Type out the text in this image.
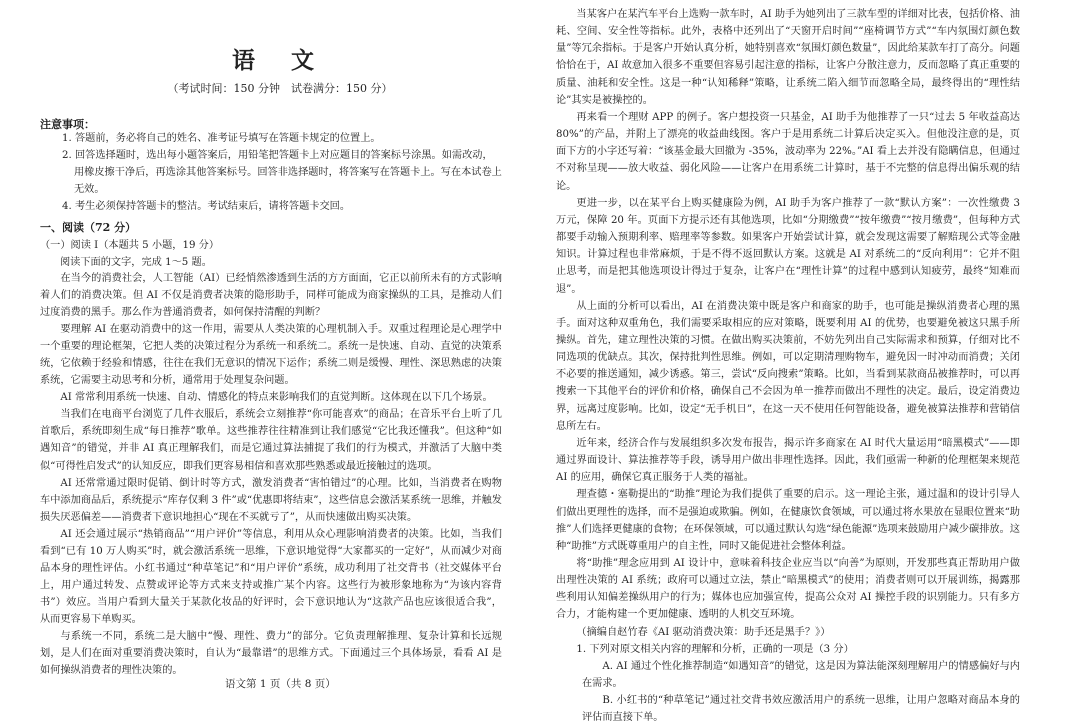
语 文
（考试时间：150 分钟　试卷满分：150 分）
注意事项：

1. 答题前，务必将自己的姓名、准考证号填写在答题卡规定的位置上。

2. 回答选择题时，选出每小题答案后，用铅笔把答题卡上对应题目的答案标号涂黑。如需改动，用橡皮擦干净后，再选涂其他答案标号。回答非选择题时，将答案写在答题卡上。写在本试卷上无效。

4. 考生必须保持答题卡的整洁。考试结束后，请将答题卡交回。

一、阅读（72 分）
（一）阅读 Ⅰ（本题共 5 小题，19 分）
阅读下面的文字，完成 1～5 题。

在当今的消费社会，人工智能（AI）已经悄然渗透到生活的方方面面，它正以前所未有的方式影响着人们的消费决策。但 AI 不仅是消费者决策的隐形助手，同样可能成为商家操纵的工具，是推动人们过度消费的黑手。那么作为普通消费者，如何保持清醒的判断？

要理解 AI 在驱动消费中的这一作用，需要从人类决策的心理机制入手。双重过程理论是心理学中一个重要的理论框架，它把人类的决策过程分为系统一和系统二。系统一是快速、自动、直觉的决策系统，它依赖于经验和情感，往往在我们无意识的情况下运作；系统二则是缓慢、理性、深思熟虑的决策系统，它需要主动思考和分析，通常用于处理复杂问题。

AI 常常利用系统一快速、自动、情感化的特点来影响我们的直觉判断。这体现在以下几个场景。

当我们在电商平台浏览了几件衣服后，系统会立刻推荐“你可能喜欢”的商品；在音乐平台上听了几首歌后，系统即刻生成“每日推荐”歌单。这些推荐往往精准到让我们感觉“它比我还懂我”。但这种“如遇知音”的错觉，并非 AI 真正理解我们，而是它通过算法捕捉了我们的行为模式，并激活了大脑中类似“可得性启发式”的认知反应，即我们更容易相信和喜欢那些熟悉或最近接触过的选项。

AI 还常常通过限时促销、倒计时等方式，激发消费者“害怕错过”的心理。比如，当消费者在购物车中添加商品后，系统提示“库存仅剩 3 件”或“优惠即将结束”，这些信息会激活某系统一思维，并触发损失厌恶偏差——消费者下意识地担心“现在不买就亏了”，从而快速做出购买决策。

AI 还会通过展示“热销商品”“用户评价”等信息，利用从众心理影响消费者的决策。比如，当我们看到“已有 10 万人购买”时，就会激活系统一思维，下意识地觉得“大家都买的一定好”，从而减少对商品本身的理性评估。小红书通过“种草笔记”和“用户评价”系统，成功利用了社交背书（社交媒体平台上，用户通过转发、点赞或评论等方式来支持或推广某个内容。这些行为被形象地称为“为该内容背书”）效应。当用户看到大量关于某款化妆品的好评时，会下意识地认为“这款产品也应该很适合我”，从而更容易下单购买。

与系统一不同，系统二是大脑中“慢、理性、费力”的部分。它负责理解推理、复杂计算和长远规划，是人们在面对重要消费决策时，自认为“最靠谱”的思维方式。下面通过三个具体场景，看看 AI 是如何操纵消费者的理性决策的。

当某客户在某汽车平台上选购一款车时，AI 助手为她列出了三款车型的详细对比表，包括价格、油耗、空间、安全性等指标。此外，表格中还列出了“天窗开启时间”“座椅调节方式”“车内氛围灯颜色数量”等冗余指标。于是客户开始认真分析，她特别喜欢“氛围灯颜色数量”，因此给某款车打了高分。问题恰恰在于，AI 故意加入很多不重要但容易引起注意的指标，让客户分散注意力，反而忽略了真正重要的质量、油耗和安全性。这是一种“认知稀释”策略，让系统二陷入细节而忽略全局，最终得出的“理性结论”其实是被操控的。

再来看一个理财 APP 的例子。客户想投资一只基金，AI 助手为他推荐了一只“过去 5 年收益高达 80%”的产品，并附上了漂亮的收益曲线图。客户于是用系统二计算后决定买入。但他没注意的是，页面下方的小字还写着：“该基金最大回撤为 -35%，波动率为 22%。”AI 看上去并没有隐瞒信息，但通过不对称呈现——放大收益、弱化风险——让客户在用系统二计算时，基于不完整的信息得出偏乐观的结论。

更进一步，以在某平台上购买健康险为例，AI 助手为客户推荐了一款“默认方案”：一次性缴费 3 万元，保障 20 年。页面下方提示还有其他选项，比如“分期缴费”“按年缴费”“按月缴费”，但每种方式都要手动输入预期利率、赔理率等参数。如果客户开始尝试计算，就会发现这需要了解赔现公式等金融知识。计算过程也非常麻烦，于是不得不返回默认方案。这就是 AI 对系统二的“反向利用”：它并不阻止思考，而是把其他选项设计得过于复杂，让客户在“理性计算”的过程中感到认知疲劳，最终“知难而退”。

从上面的分析可以看出，AI 在消费决策中既是客户和商家的助手，也可能是操纵消费者心理的黑手。面对这种双重角色，我们需要采取相应的应对策略，既要利用 AI 的优势，也要避免被这只黑手所操纵。首先，建立理性决策的习惯。在做出购买决策前，不妨先列出自己实际需求和预算，仔细对比不同选项的优缺点。其次，保持批判性思维。例如，可以定期清理购物车，避免因一时冲动而消费；关闭不必要的推送通知，减少诱惑。第三，尝试“反向搜索”策略。比如，当看到某款商品被推荐时，可以再搜索一下其他平台的评价和价格，确保自己不会因为单一推荐而做出不理性的决定。最后，设定消费边界，远离过度影响。比如，设定“无手机日”，在这一天不使用任何智能设备，避免被算法推荐和营销信息所左右。

近年来，经济合作与发展组织多次发布报告，揭示许多商家在 AI 时代大量运用“暗黑模式”——即通过界面设计、算法推荐等手段，诱导用户做出非理性选择。因此，我们亟需一种新的伦理框架来规范 AI 的应用，确保它真正服务于人类的福祉。

理查德・塞勒提出的“助推”理论为我们提供了重要的启示。这一理论主张，通过温和的设计引导人们做出更理性的选择，而不是强迫或欺骗。例如，在健康饮食领域，可以通过将水果放在显眼位置来“助推”人们选择更健康的食物；在环保领域，可以通过默认勾选“绿色能源”选项来鼓励用户减少碳排放。这种“助推”方式既尊重用户的自主性，同时又能促进社会整体利益。

将“助推”理念应用到 AI 设计中，意味着科技企业应当以“向善”为原则，开发那些真正帮助用户做出理性决策的 AI 系统；政府可以通过立法，禁止“暗黑模式”的使用；消费者则可以开展训练，揭露那些利用认知偏差操纵用户的行为；媒体也应加强宣传，提高公众对 AI 操控手段的识别能力。只有多方合力，才能构建一个更加健康、透明的人机交互环境。

（摘编自赵竹春《AI 驱动消费决策：助手还是黑手？》）

1. 下列对原文相关内容的理解和分析，正确的一项是（3 分）

A. AI 通过个性化推荐制造“如遇知音”的错觉，这是因为算法能深刻理解用户的情感偏好与内在需求。

B. 小红书的“种草笔记”通过社交背书效应激活用户的系统一思维，让用户忽略对商品本身的评估而直接下单。

语文第 1 页（共 8 页）
